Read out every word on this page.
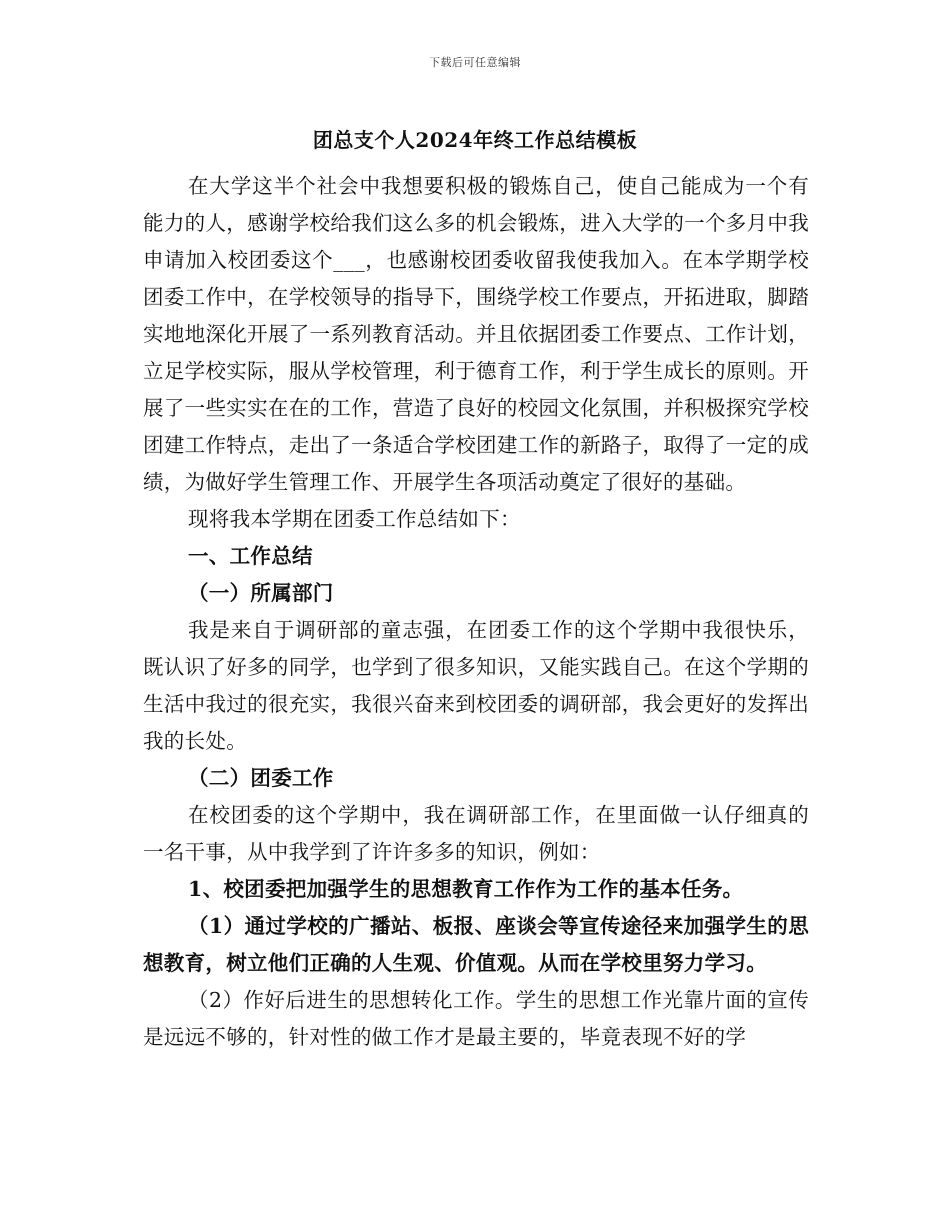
下载后可任意编辑
团总支个人2024年终工作总结模板

在大学这半个社会中我想要积极的锻炼自己，使自己能成为一个有能力的人，感谢学校给我们这么多的机会锻炼，进入大学的一个多月中我申请加入校团委这个___，也感谢校团委收留我使我加入。在本学期学校团委工作中，在学校领导的指导下，围绕学校工作要点，开拓进取，脚踏实地地深化开展了一系列教育活动。并且依据团委工作要点、工作计划，立足学校实际，服从学校管理，利于德育工作，利于学生成长的原则。开展了一些实实在在的工作，营造了良好的校园文化氛围，并积极探究学校团建工作特点，走出了一条适合学校团建工作的新路子，取得了一定的成绩，为做好学生管理工作、开展学生各项活动奠定了很好的基础。

现将我本学期在团委工作总结如下：

一、工作总结

（一）所属部门

我是来自于调研部的童志强，在团委工作的这个学期中我很快乐，既认识了好多的同学，也学到了很多知识，又能实践自己。在这个学期的生活中我过的很充实，我很兴奋来到校团委的调研部，我会更好的发挥出我的长处。

（二）团委工作

在校团委的这个学期中，我在调研部工作，在里面做一认仔细真的一名干事，从中我学到了许许多多的知识，例如：

1、校团委把加强学生的思想教育工作作为工作的基本任务。

（1）通过学校的广播站、板报、座谈会等宣传途径来加强学生的思想教育，树立他们正确的人生观、价值观。从而在学校里努力学习。

（2）作好后进生的思想转化工作。学生的思想工作光靠片面的宣传是远远不够的，针对性的做工作才是最主要的，毕竟表现不好的学
